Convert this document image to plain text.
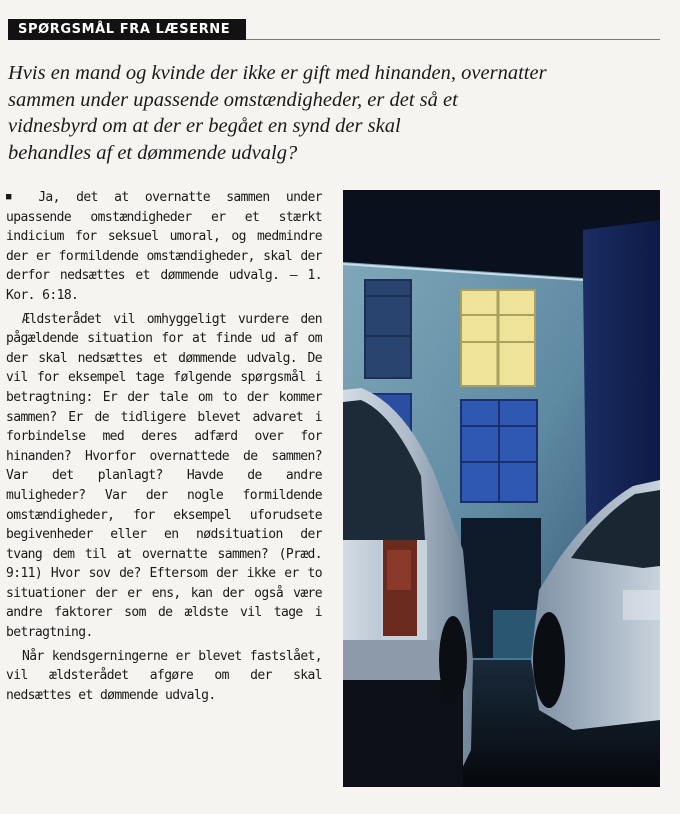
SPØRGSMÅL FRA LÆSERNE
Hvis en mand og kvinde der ikke er gift med hinanden, overnatter
sammen under upassende omstændigheder, er det så et
vidnesbyrd om at der er begået en synd der skal
behandles af et dømmende udvalg?

■ Ja, det at overnatte sammen under upassende omstændigheder er et stærkt indicium for seksuel umoral, og medmindre der er formildende omstændigheder, skal der derfor nedsættes et dømmende udvalg. – 1. Kor. 6:18.

Ældsterådet vil omhyggeligt vurdere den pågældende situation for at finde ud af om der skal nedsættes et dømmende udvalg. De vil for eksempel tage følgende spørgsmål i betragtning: Er der tale om to der kommer sammen? Er de tidligere blevet advaret i forbindelse med deres adfærd over for hinanden? Hvorfor overnattede de sammen? Var det planlagt? Havde de andre muligheder? Var der nogle formildende omstændigheder, for eksempel uforudsete begivenheder eller en nødsituation der tvang dem til at overnatte sammen? (Præd. 9:11) Hvor sov de? Eftersom der ikke er to situationer der er ens, kan der også være andre faktorer som de ældste vil tage i betragtning.

Når kendsgerningerne er blevet fastslået, vil ældsterådet afgøre om der skal nedsættes et dømmende udvalg.
